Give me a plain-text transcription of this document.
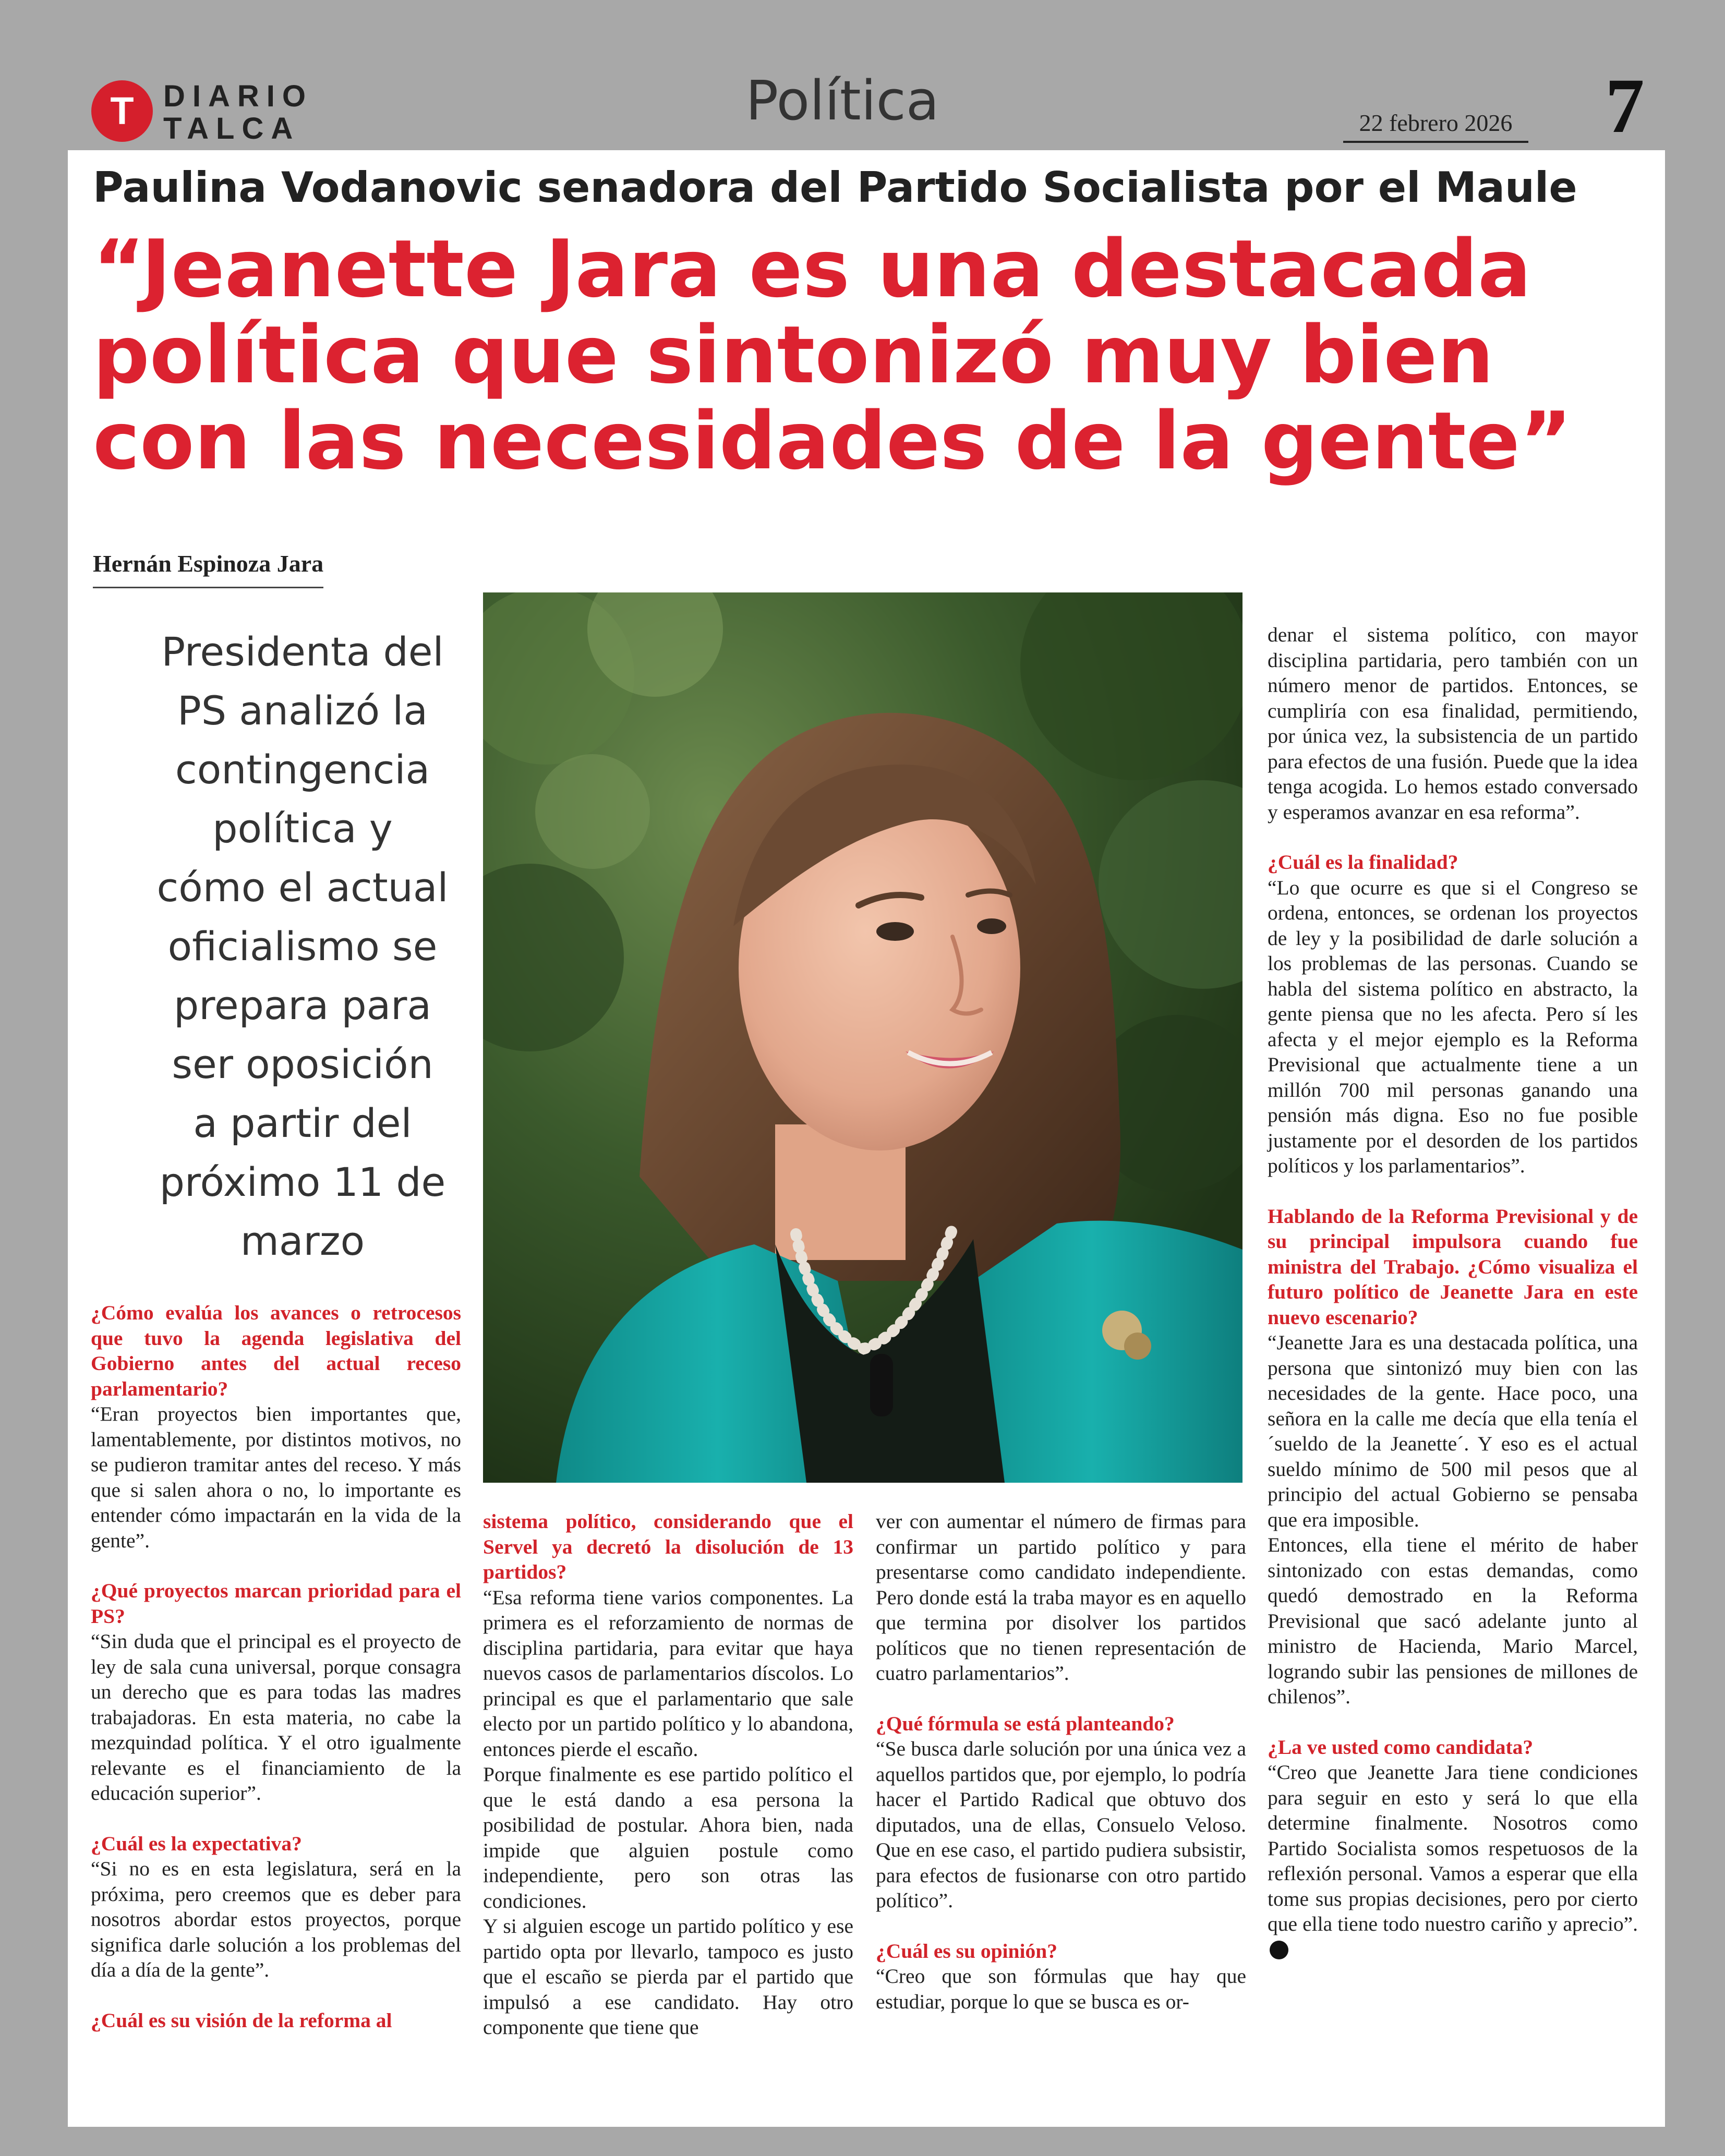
T DIARIO
TALCA	Política	22 febrero 2026 7
Paulina Vodanovic senadora del Partido Socialista por el Maule
“Jeanette Jara es una destacada
política que sintonizó muy bien
con las necesidades de la gente”
Hernán Espinoza Jara
Presidenta del
PS analizó la
contingencia
política y
cómo el actual
oficialismo se
prepara para
ser oposición
a partir del
próximo 11 de
marzo

¿Cómo evalúa los avances o retrocesos que tuvo la agenda legislativa del Gobierno antes del actual receso parlamentario?

“Eran proyectos bien importantes que, lamentablemente, por distintos motivos, no se pudieron tramitar antes del receso. Y más que si salen ahora o no, lo importante es entender cómo impactarán en la vida de la gente”.

¿Qué proyectos marcan prioridad para el PS?

“Sin duda que el principal es el proyecto de ley de sala cuna universal, porque consagra un derecho que es para todas las madres trabajadoras. En esta materia, no cabe la mezquindad política. Y el otro igualmente relevante es el financiamiento de la educación superior”.

¿Cuál es la expectativa?

“Si no es en esta legislatura, será en la próxima, pero creemos que es deber para nosotros abordar estos proyectos, porque significa darle solución a los problemas del día a día de la gente”.

¿Cuál es su visión de la reforma al

sistema político, considerando que el Servel ya decretó la disolución de 13 partidos?

“Esa reforma tiene varios componentes. La primera es el reforzamiento de normas de disciplina partidaria, para evitar que haya nuevos casos de parlamentarios díscolos. Lo principal es que el parlamentario que sale electo por un partido político y lo abandona, entonces pierde el escaño.

Porque finalmente es ese partido político el que le está dando a esa persona la posibilidad de postular. Ahora bien, nada impide que alguien postule como independiente, pero son otras las condiciones.

Y si alguien escoge un partido político y ese partido opta por llevarlo, tampoco es justo que el escaño se pierda par el partido que impulsó a ese candidato. Hay otro componente que tiene que

ver con aumentar el número de firmas para confirmar un partido político y para presentarse como candidato independiente. Pero donde está la traba mayor es en aquello que termina por disolver los partidos políticos que no tienen representación de cuatro parlamentarios”.

¿Qué fórmula se está planteando?

“Se busca darle solución por una única vez a aquellos partidos que, por ejemplo, lo podría hacer el Partido Radical que obtuvo dos diputados, una de ellas, Consuelo Veloso. Que en ese caso, el partido pudiera subsistir, para efectos de fusionarse con otro partido político”.

¿Cuál es su opinión?

“Creo que son fórmulas que hay que estudiar, porque lo que se busca es or-

denar el sistema político, con mayor disciplina partidaria, pero también con un número menor de partidos. Entonces, se cumpliría con esa finalidad, permitiendo, por única vez, la subsistencia de un partido para efectos de una fusión. Puede que la idea tenga acogida. Lo hemos estado conversado y esperamos avanzar en esa reforma”.

¿Cuál es la finalidad?

“Lo que ocurre es que si el Congreso se ordena, entonces, se ordenan los proyectos de ley y la posibilidad de darle solución a los problemas de las personas. Cuando se habla del sistema político en abstracto, la gente piensa que no les afecta. Pero sí les afecta y el mejor ejemplo es la Reforma Previsional que actualmente tiene a un millón 700 mil personas ganando una pensión más digna. Eso no fue posible justamente por el desorden de los partidos políticos y los parlamentarios”.

Hablando de la Reforma Previsional y de su principal impulsora cuando fue ministra del Trabajo. ¿Cómo visualiza el futuro político de Jeanette Jara en este nuevo escenario?

“Jeanette Jara es una destacada política, una persona que sintonizó muy bien con las necesidades de la gente. Hace poco, una señora en la calle me decía que ella tenía el ´sueldo de la Jeanette´. Y eso es el actual sueldo mínimo de 500 mil pesos que al principio del actual Gobierno se pensaba que era imposible.

Entonces, ella tiene el mérito de haber sintonizado con estas demandas, como quedó demostrado en la Reforma Previsional que sacó adelante junto al ministro de Hacienda, Mario Marcel, logrando subir las pensiones de millones de chilenos”.

¿La ve usted como candidata?

“Creo que Jeanette Jara tiene condiciones para seguir en esto y será lo que ella determine finalmente. Nosotros como Partido Socialista somos respetuosos de la reflexión personal. Vamos a esperar que ella tome sus propias decisiones, pero por cierto que ella tiene todo nuestro cariño y aprecio”.
